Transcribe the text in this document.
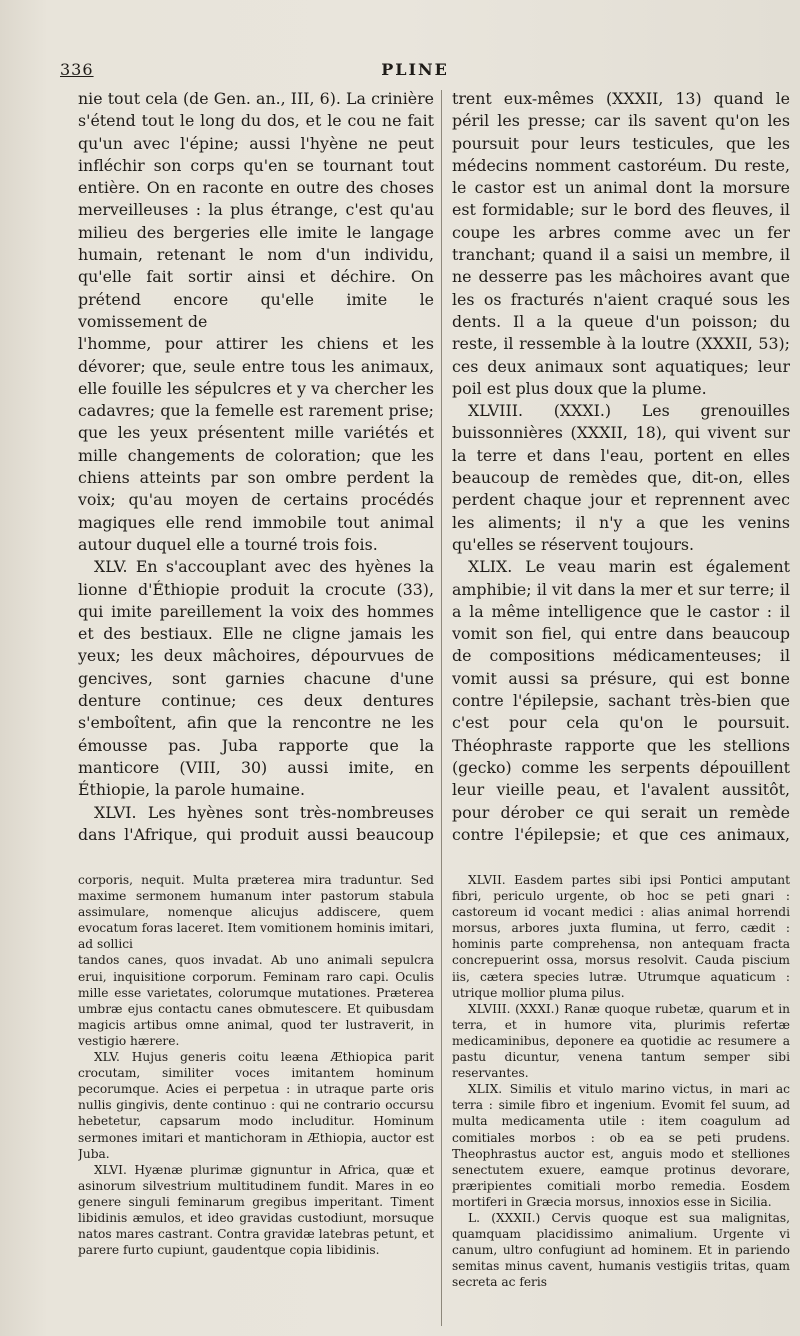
336	PLINE

nie tout cela (de Gen. an., III, 6). La crinière s'étend tout le long du dos, et le cou ne fait qu'un avec l'épine; aussi l'hyène ne peut infléchir son corps qu'en se tournant tout entière. On en raconte en outre des choses merveilleuses : la plus étrange, c'est qu'au milieu des bergeries elle imite le langage humain, retenant le nom d'un individu, qu'elle fait sortir ainsi et déchire. On prétend encore qu'elle imite le vomissement de

l'homme, pour attirer les chiens et les dévorer; que, seule entre tous les animaux, elle fouille les sépulcres et y va chercher les cadavres; que la femelle est rarement prise; que les yeux présentent mille variétés et mille changements de coloration; que les chiens atteints par son ombre perdent la voix; qu'au moyen de certains procédés magiques elle rend immobile tout animal autour duquel elle a tourné trois fois.

XLV. En s'accouplant avec des hyènes la lionne d'Éthiopie produit la crocute (33), qui imite pareillement la voix des hommes et des bestiaux. Elle ne cligne jamais les yeux; les deux mâchoires, dépourvues de gencives, sont garnies chacune d'une denture continue; ces deux dentures s'emboîtent, afin que la rencontre ne les émousse pas. Juba rapporte que la manticore (VIII, 30) aussi imite, en Éthiopie, la parole humaine.

XLVI. Les hyènes sont très-nombreuses dans l'Afrique, qui produit aussi beaucoup

trent eux-mêmes (XXXII, 13) quand le péril les presse; car ils savent qu'on les poursuit pour leurs testicules, que les médecins nomment castoréum. Du reste, le castor est un animal dont la morsure est formidable; sur le bord des fleuves, il coupe les arbres comme avec un fer tranchant; quand il a saisi un membre, il ne desserre pas les mâchoires avant que les os fracturés n'aient craqué sous les dents. Il a la queue d'un poisson; du reste, il ressemble à la loutre (XXXII, 53); ces deux animaux sont aquatiques; leur poil est plus doux que la plume.

XLVIII. (XXXI.) Les grenouilles buissonnières (XXXII, 18), qui vivent sur la terre et dans l'eau, portent en elles beaucoup de remèdes que, dit-on, elles perdent chaque jour et reprennent avec les aliments; il n'y a que les venins qu'elles se réservent toujours.

XLIX. Le veau marin est également amphibie; il vit dans la mer et sur terre; il a la même intelligence que le castor : il vomit son fiel, qui entre dans beaucoup de compositions médicamenteuses; il vomit aussi sa présure, qui est bonne contre l'épilepsie, sachant très-bien que c'est pour cela qu'on le poursuit. Théophraste rapporte que les stellions (gecko) comme les serpents dépouillent leur vieille peau, et l'avalent aussitôt, pour dérober ce qui serait un remède contre l'épilepsie; et que ces animaux,

corporis, nequit. Multa præterea mira traduntur. Sed maxime sermonem humanum inter pastorum stabula assimulare, nomenque alicujus addiscere, quem evocatum foras laceret. Item vomitionem hominis imitari, ad sollici

tandos canes, quos invadat. Ab uno animali sepulcra erui, inquisitione corporum. Feminam raro capi. Oculis mille esse varietates, colorumque mutationes. Præterea umbræ ejus contactu canes obmutescere. Et quibusdam magicis artibus omne animal, quod ter lustraverit, in vestigio hærere.

XLV. Hujus generis coitu leæna Æthiopica parit crocutam, similiter voces imitantem hominum pecorumque. Acies ei perpetua : in utraque parte oris nullis gingivis, dente continuo : qui ne contrario occursu hebetetur, capsarum modo includitur. Hominum sermones imitari et mantichoram in Æthiopia, auctor est Juba.

XLVI. Hyænæ plurimæ gignuntur in Africa, quæ et asinorum silvestrium multitudinem fundit. Mares in eo genere singuli feminarum gregibus imperitant. Timent libidinis æmulos, et ideo gravidas custodiunt, morsuque natos mares castrant. Contra gravidæ latebras petunt, et parere furto cupiunt, gaudentque copia libidinis.

XLVII. Easdem partes sibi ipsi Pontici amputant fibri, periculo urgente, ob hoc se peti gnari : castoreum id vocant medici : alias animal horrendi morsus, arbores juxta flumina, ut ferro, cædit : hominis parte comprehensa, non antequam fracta concrepuerint ossa, morsus resolvit. Cauda piscium iis, cætera species lutræ. Utrumque aquaticum : utrique mollior pluma pilus.

XLVIII. (XXXI.) Ranæ quoque rubetæ, quarum et in terra, et in humore vita, plurimis refertæ medicaminibus, deponere ea quotidie ac resumere a pastu dicuntur, venena tantum semper sibi reservantes.

XLIX. Similis et vitulo marino victus, in mari ac terra : simile fibro et ingenium. Evomit fel suum, ad multa medicamenta utile : item coagulum ad comitiales morbos : ob ea se peti prudens. Theophrastus auctor est, anguis modo et stelliones senectutem exuere, eamque protinus devorare, præripientes comitiali morbo remedia. Eosdem mortiferi in Græcia morsus, innoxios esse in Sicilia.

L. (XXXII.) Cervis quoque est sua malignitas, quamquam placidissimo animalium. Urgente vi canum, ultro confugiunt ad hominem. Et in pariendo semitas minus cavent, humanis vestigiis tritas, quam secreta ac feris
